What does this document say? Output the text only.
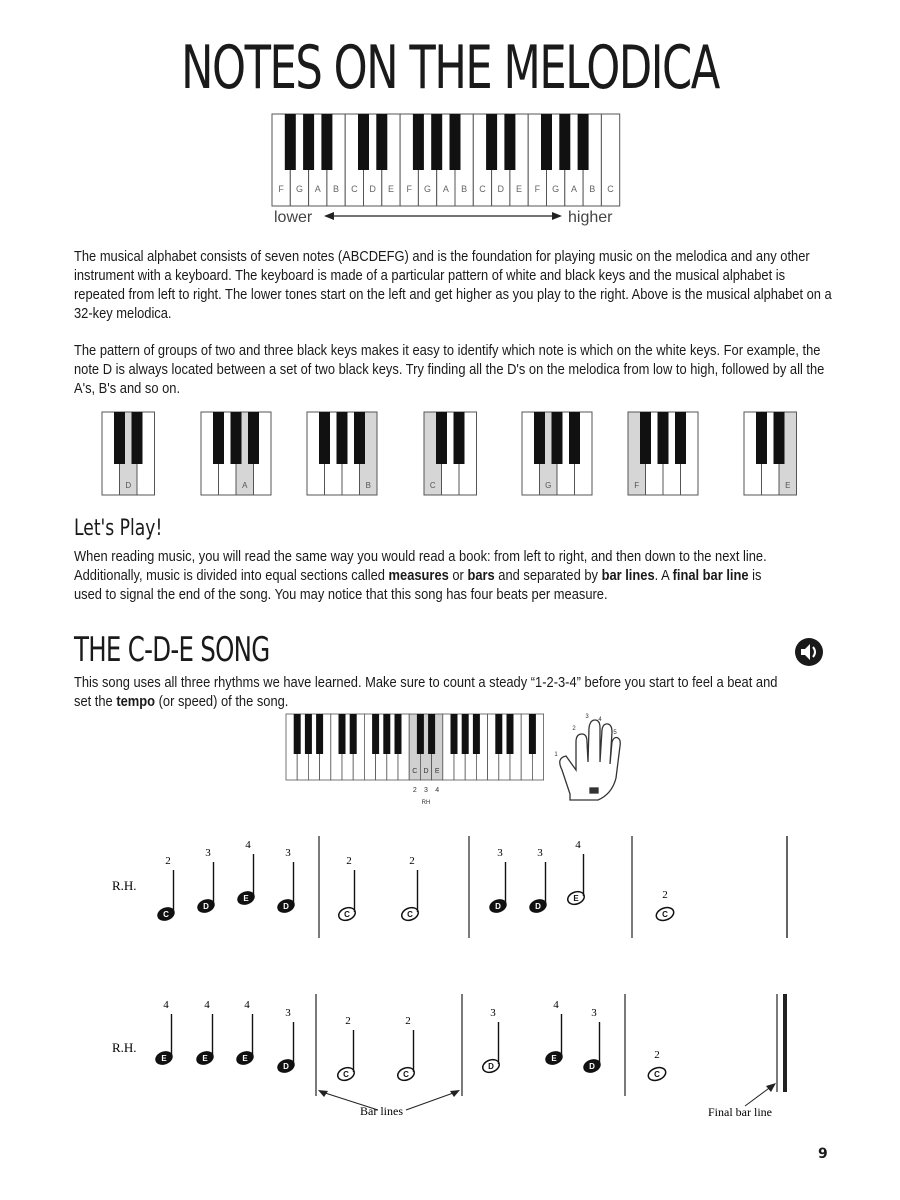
NOTES ON THE MELODICA
F G A B C D E F G A B C D E F G A B C
lower	higher
The musical alphabet consists of seven notes (ABCDEFG) and is the foundation for playing music on the melodica and any other instrument with a keyboard. The keyboard is made of a particular pattern of white and black keys and the musical alphabet is repeated from left to right. The lower tones start on the left and get higher as you play to the right. Above is the musical alphabet on a 32-key melodica.
The pattern of groups of two and three black keys makes it easy to identify which note is which on the white keys. For example, the note D is always located between a set of two black keys. Try finding all the D's on the melodica from low to high, followed by all the A's, B's and so on.
D	A	B	C	G	F	E
Let's Play!
When reading music, you will read the same way you would read a book: from left to right, and then down to the next line.
Additionally, music is divided into equal sections called measures or bars and separated by bar lines. A final bar line is
used to signal the end of the song. You may notice that this song has four beats per measure.
THE C-D-E SONG
This song uses all three rhythms we have learned. Make sure to count a steady “1-2-3-4” before you start to feel a beat and
set the tempo (or speed) of the song.
C
2
D
3
E
4
RH
1
2
3 4
5
R.H.
C
2
D
3
E
4
D
3
C
2
C
2
D
3
D
3
E
4
C
2
R.H.
E
4
E
4
E
4
D
3
C
2
C
2
D
3
E
4
D
3
C
2
Bar lines	Final bar line
9
